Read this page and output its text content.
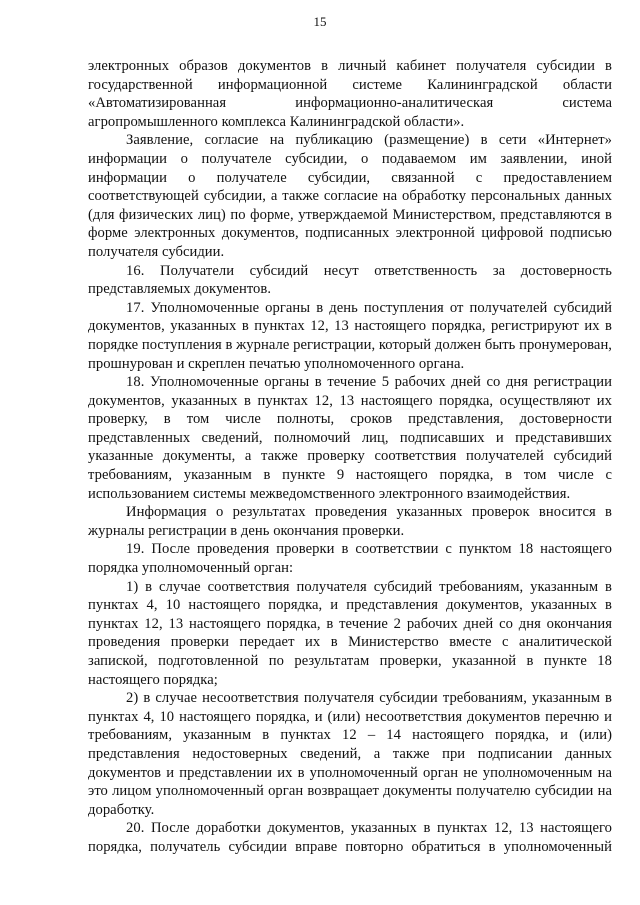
15

электронных образов документов в личный кабинет получателя субсидии в государственной информационной системе Калининградской области «Автоматизированная информационно-аналитическая система агропромышленного комплекса Калининградской области».

Заявление, согласие на публикацию (размещение) в сети «Интернет» информации о получателе субсидии, о подаваемом им заявлении, иной информации о получателе субсидии, связанной с предоставлением соответствующей субсидии, а также согласие на обработку персональных данных (для физических лиц) по форме, утверждаемой Министерством, представляются в форме электронных документов, подписанных электронной цифровой подписью получателя субсидии.

16. Получатели субсидий несут ответственность за достоверность представляемых документов.

17. Уполномоченные органы в день поступления от получателей субсидий документов, указанных в пунктах 12, 13 настоящего порядка, регистрируют их в порядке поступления в журнале регистрации, который должен быть пронумерован, прошнурован и скреплен печатью уполномоченного органа.

18. Уполномоченные органы в течение 5 рабочих дней со дня регистрации документов, указанных в пунктах 12, 13 настоящего порядка, осуществляют их проверку, в том числе полноты, сроков представления, достоверности представленных сведений, полномочий лиц, подписавших и представивших указанные документы, а также проверку соответствия получателей субсидий требованиям, указанным в пункте 9 настоящего порядка, в том числе с использованием системы межведомственного электронного взаимодействия.

Информация о результатах проведения указанных проверок вносится в журналы регистрации в день окончания проверки.

19. После проведения проверки в соответствии с пунктом 18 настоящего порядка уполномоченный орган:

1) в случае соответствия получателя субсидий требованиям, указанным в пунктах 4, 10 настоящего порядка, и представления документов, указанных в пунктах 12, 13 настоящего порядка, в течение 2 рабочих дней со дня окончания проведения проверки передает их в Министерство вместе с аналитической запиской, подготовленной по результатам проверки, указанной в пункте 18 настоящего порядка;

2) в случае несоответствия получателя субсидии требованиям, указанным в пунктах 4, 10 настоящего порядка, и (или) несоответствия документов перечню и требованиям, указанным в пунктах 12 – 14 настоящего порядка, и (или) представления недостоверных сведений, а также при подписании данных документов и представлении их в уполномоченный орган не уполномоченным на это лицом уполномоченный орган возвращает документы получателю субсидии на доработку.

20. После доработки документов, указанных в пунктах 12, 13 настоящего порядка, получатель субсидии вправе повторно обратиться в уполномоченный
